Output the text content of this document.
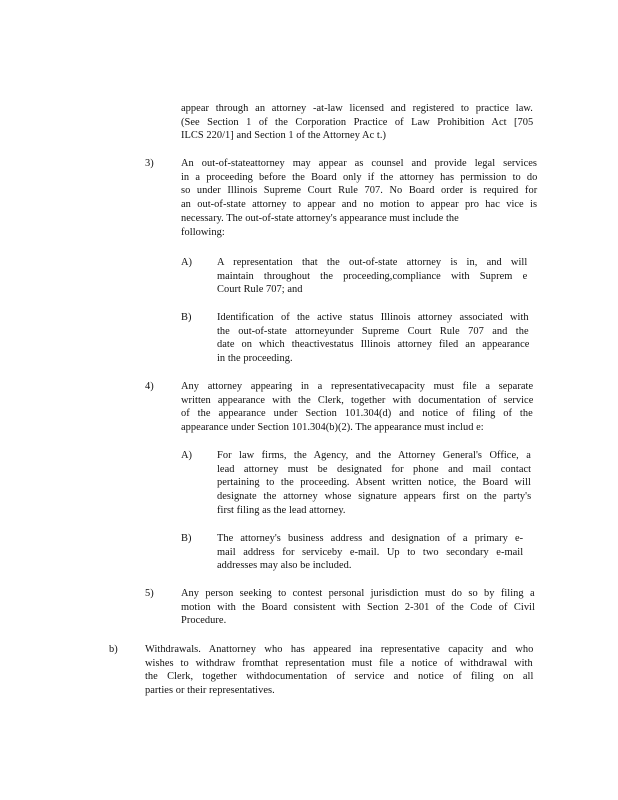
appear through an attorney -at-law licensed and registered to practice law.
(See Section 1 of the Corporation Practice of Law Prohibition Act [705
ILCS 220/1] and Section 1 of the Attorney Ac t.)
3)	An out-of-stateattorney may appear as counsel and provide legal services
in a proceeding before the Board only if the attorney has permission to do
so under Illinois Supreme Court Rule 707. No Board order is required for
an out-of-state attorney to appear and no motion to appear pro hac vice is
necessary. The out-of-state attorney's appearance must include the
following:
A) A representation that the out-of-state attorney is in, and will
maintain throughout the proceeding,compliance with Suprem e
Court Rule 707; and
B) Identification of the active status Illinois attorney associated with
the out-of-state attorneyunder Supreme Court Rule 707 and the
date on which theactivestatus Illinois attorney filed an appearance
in the proceeding.
4)	Any attorney appearing in a representativecapacity must file a separate
written appearance with the Clerk, together with documentation of service
of the appearance under Section 101.304(d) and notice of filing of the
appearance under Section 101.304(b)(2). The appearance must includ e:
A) For law firms, the Agency, and the Attorney General's Office, a
lead attorney must be designated for phone and mail contact
pertaining to the proceeding. Absent written notice, the Board will
designate the attorney whose signature appears first on the party's
first filing as the lead attorney.
B) The attorney's business address and designation of a primary e-
mail address for serviceby e-mail. Up to two secondary e-mail
addresses may also be included.
5)	Any person seeking to contest personal jurisdiction must do so by filing a
motion with the Board consistent with Section 2-301 of the Code of Civil
Procedure.
b)	Withdrawals. Anattorney who has appeared ina representative capacity and who
wishes to withdraw fromthat representation must file a notice of withdrawal with
the Clerk, together withdocumentation of service and notice of filing on all
parties or their representatives.
